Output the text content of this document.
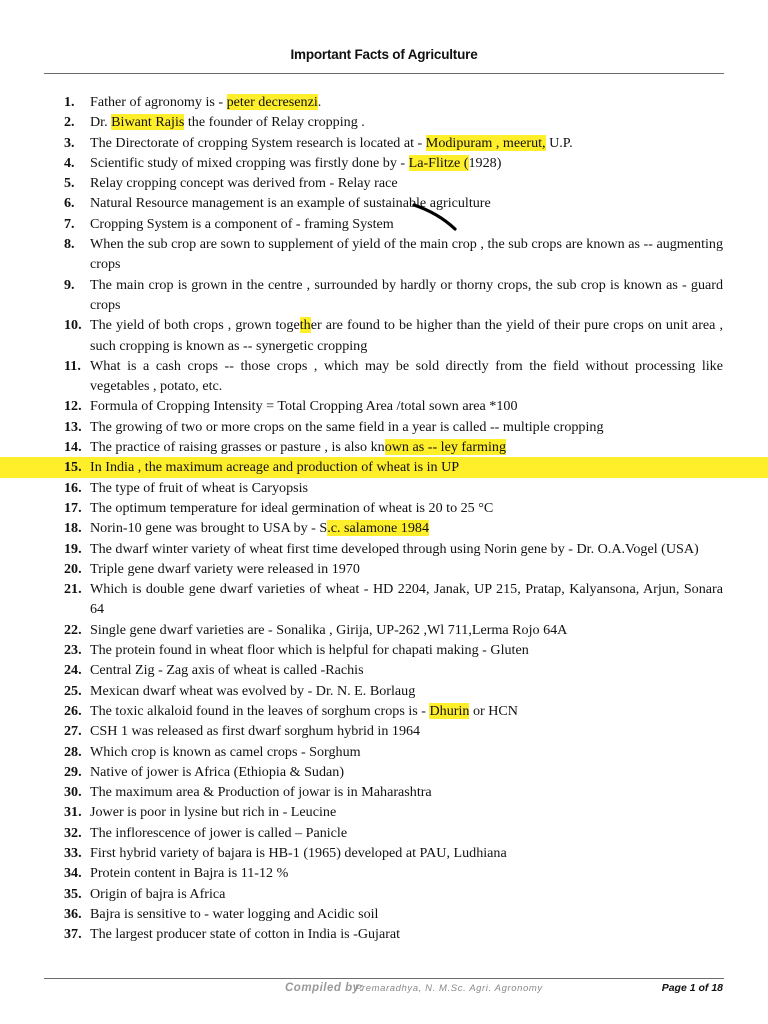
Important Facts of Agriculture
1. Father of agronomy is - peter decresenzi.
2. Dr. Biwant Rajis the founder of Relay cropping .
3. The Directorate of cropping System research is located at - Modipuram , meerut, U.P.
4. Scientific study of mixed cropping was firstly done by - La-Flitze (1928)
5. Relay cropping concept was derived from - Relay race
6. Natural Resource management is an example of sustainable agriculture
7. Cropping System is a component of - framing System
8. When the sub crop are sown to supplement of yield of the main crop , the sub crops are known as -- augmenting crops
9. The main crop is grown in the centre , surrounded by hardly or thorny crops, the sub crop is known as - guard crops
10. The yield of both crops , grown together are found to be higher than the yield of their pure crops on unit area , such cropping is known as -- synergetic cropping
11. What is a cash crops -- those crops , which may be sold directly from the field without processing like vegetables , potato, etc.
12. Formula of Cropping Intensity = Total Cropping Area /total sown area *100
13. The growing of two or more crops on the same field in a year is called -- multiple cropping
14. The practice of raising grasses or pasture , is also known as -- ley farming
15. In India , the maximum acreage and production of wheat is in UP
16. The type of fruit of wheat is Caryopsis
17. The optimum temperature for ideal germination of wheat is 20 to 25 °C
18. Norin-10 gene was brought to USA by - S.c. salamone 1984
19. The dwarf winter variety of wheat first time developed through using Norin gene by - Dr. O.A.Vogel (USA)
20. Triple gene dwarf variety were released in 1970
21. Which is double gene dwarf varieties of wheat - HD 2204, Janak, UP 215, Pratap, Kalyansona, Arjun, Sonara 64
22. Single gene dwarf varieties are - Sonalika , Girija, UP-262 ,Wl 711,Lerma Rojo 64A
23. The protein found in wheat floor which is helpful for chapati making - Gluten
24. Central Zig - Zag axis of wheat is called -Rachis
25. Mexican dwarf wheat was evolved by - Dr. N. E. Borlaug
26. The toxic alkaloid found in the leaves of sorghum crops is - Dhurin or HCN
27. CSH 1 was released as first dwarf sorghum hybrid in 1964
28. Which crop is known as camel crops - Sorghum
29. Native of jower is Africa (Ethiopia & Sudan)
30. The maximum area & Production of jowar is in Maharashtra
31. Jower is poor in lysine but rich in - Leucine
32. The inflorescence of jower is called – Panicle
33. First hybrid variety of bajara is HB-1 (1965) developed at PAU, Ludhiana
34. Protein content in Bajra is 11-12 %
35. Origin of bajra is Africa
36. Bajra is sensitive to - water logging and Acidic soil
37. The largest producer state of cotton in India is -Gujarat
Compiled by:
Premaradhya, N. M.Sc. Agri. Agronomy	Page 1 of 18
